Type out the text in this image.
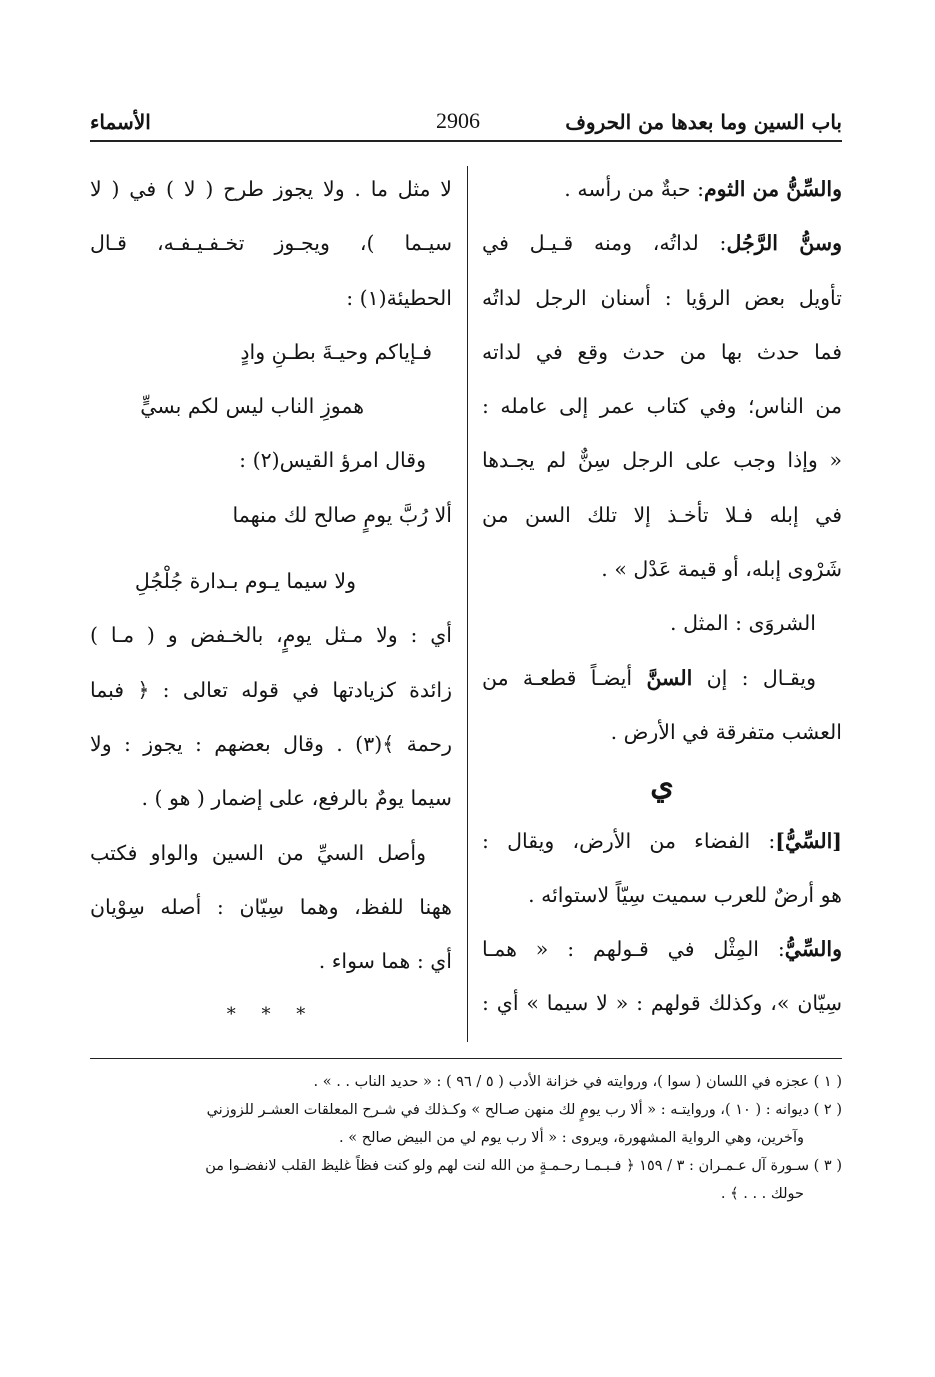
باب السين وما بعدها من الحروف
2906
الأسماء
والسِّنُّ من الثوم: حبةٌ من رأسه .
وسنُّ الرَّجُل: لداتُه، ومنه قـيـل في
تأويل بعض الرؤيا : أسنان الرجل لداتُه
فما حدث بها من حدث وقع في لداته
من الناس؛ وفي كتاب عمر إلى عامله :
« وإذا وجب على الرجل سِنٌّ لم يجـدها
في إبله فـلا تأخـذ إلا تلك السن من
شَرْوى إبله، أو قيمة عَدْل » .
الشروَى : المثل .
ويقـال : إن السنَّ أيضـاً قطعـة من
العشب متفرقة في الأرض .
ي
[السِّيُّ]: الفضاء من الأرض، ويقال :
هو أرضٌ للعرب سميت سِيّاً لاستوائه .
والسِّيُّ: المِثْل في قـولهم : « همـا
سِيّان »، وكذلك قولهم : « لا سيما » أي :
لا مثل ما . ولا يجوز طرح ( لا ) في ( لا
سيـما )، ويجـوز تخـفـيـفـه، قـال
الحطيئة(١) :
فـإياكم وحيـةَ بطـنِ وادٍ
هموزِ الناب ليس لكم بسيٍّ
وقال امرؤ القيس(٢) :
ألا رُبَّ يومٍ صالح لك منهما
ولا سيما يـوم بـدارة جُلْجُلِ
أي : ولا مـثل يومٍ، بالخـفض و ( مـا )
زائدة كزيادتها في قوله تعالى : ﴿ فبما
رحمة ﴾(٣) . وقال بعضهم : يجوز : ولا
سيما يومٌ بالرفع، على إضمار ( هو ) .
وأصل السيِّ من السين والواو فكتب
ههنا للفظ، وهما سِيّان : أصله سِوْيان
أي : هما سواء .
* * *
( ١ ) عجزه في اللسان ( سوا )، وروايته في خزانة الأدب ( ٥ / ٩٦ ) : « حديد الناب . . » .
( ٢ ) ديوانه : ( ١٠ )، وروايتـه : « ألا رب يومٍ لك منهن صـالح » وكـذلك في شـرح المعلقات العشـر للزوزني
وآخرين، وهي الرواية المشهورة، ويروى : « ألا رب يوم لي من البيض صالح » .
( ٣ ) سـورة آل عـمـران : ٣ / ١٥٩ ﴿ فـبـمـا رحـمـةٍ من الله لنت لهم ولو كنت فظاً غليظ القلب لانفضـوا من
حولك . . . ﴾ .
